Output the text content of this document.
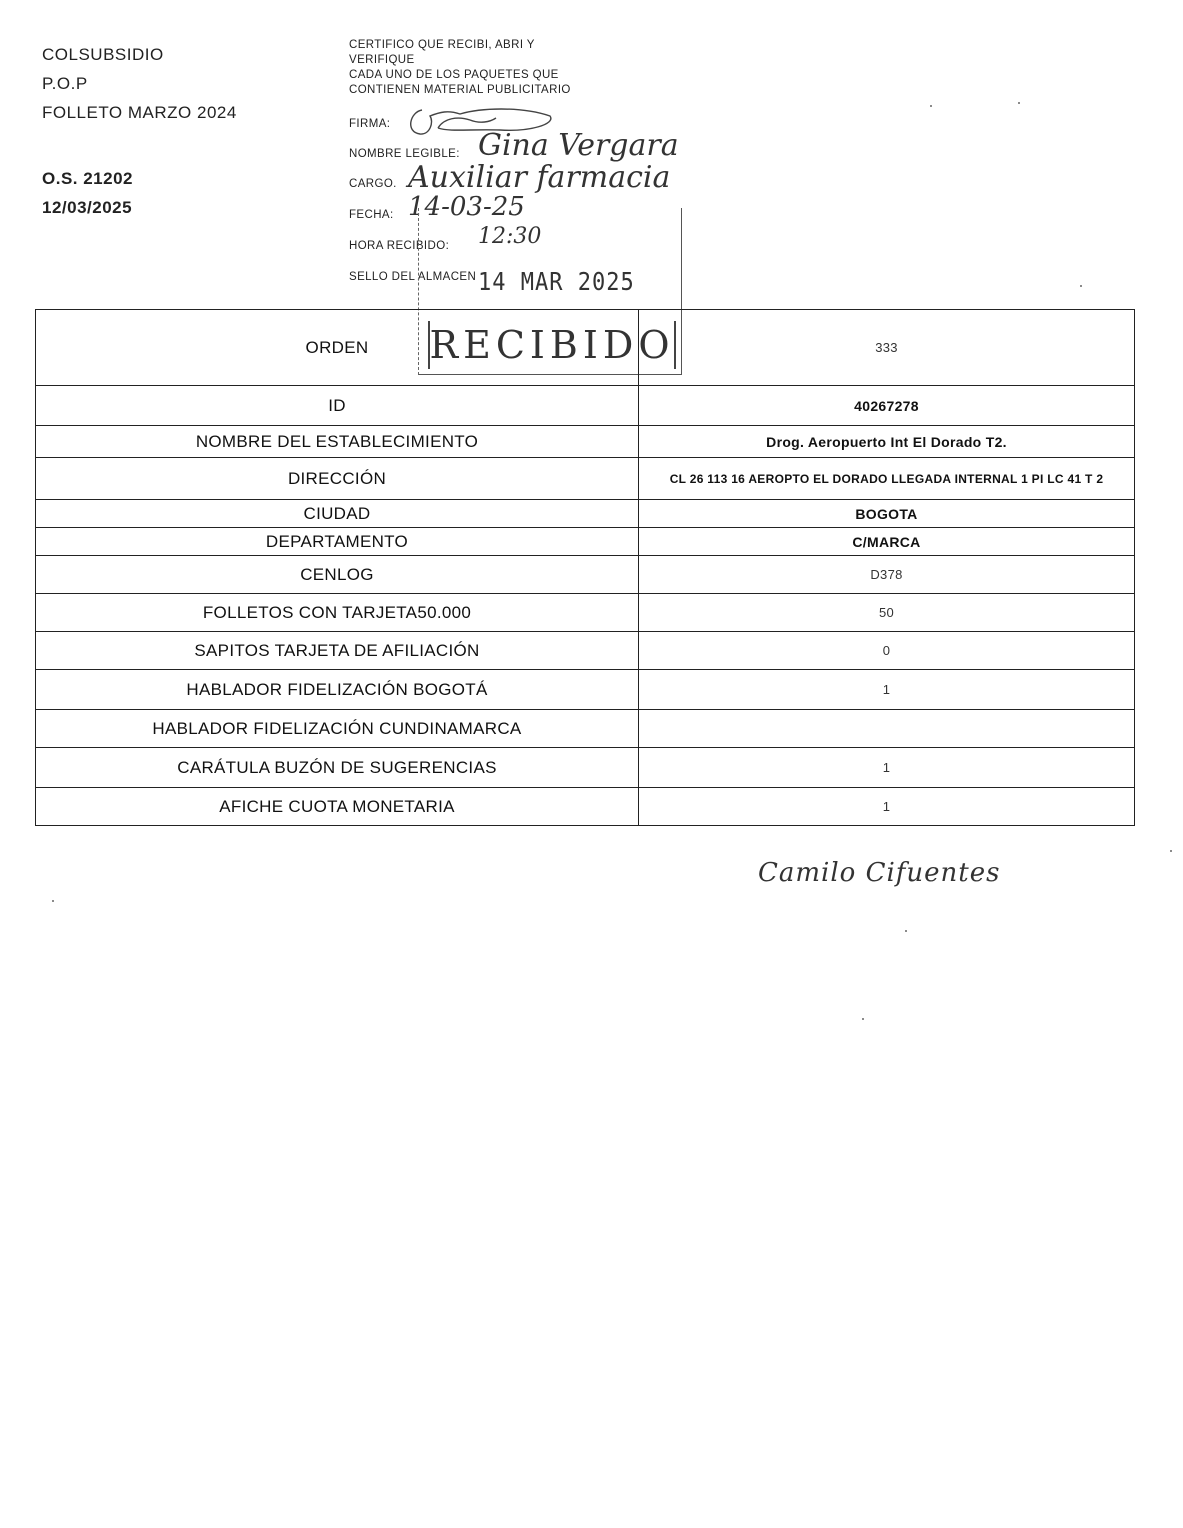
COLSUBSIDIO
P.O.P
FOLLETO MARZO 2024
O.S. 21202
12/03/2025
CERTIFICO QUE RECIBI, ABRI Y
VERIFIQUE
CADA UNO DE LOS PAQUETES QUE
CONTIENEN MATERIAL PUBLICITARIO
FIRMA:
NOMBRE LEGIBLE:
CARGO.
FECHA:
HORA RECIBIDO:
SELLO DEL ALMACEN
Gina Vergara
Auxiliar farmacia
14-03-25
12:30
14 MAR 2025
RECIBIDO
ORDEN	333
ID	40267278
NOMBRE DEL ESTABLECIMIENTO	Drog. Aeropuerto Int El Dorado T2.
DIRECCIÓN	CL 26 113 16 AEROPTO EL DORADO LLEGADA INTERNAL 1 PI LC 41 T 2
CIUDAD	BOGOTA
DEPARTAMENTO	C/MARCA
CENLOG	D378
FOLLETOS CON TARJETA50.000	50
SAPITOS TARJETA DE AFILIACIÓN	0
HABLADOR FIDELIZACIÓN BOGOTÁ	1
HABLADOR FIDELIZACIÓN CUNDINAMARCA	
CARÁTULA BUZÓN DE SUGERENCIAS	1
AFICHE CUOTA MONETARIA	1
Camilo Cifuentes
